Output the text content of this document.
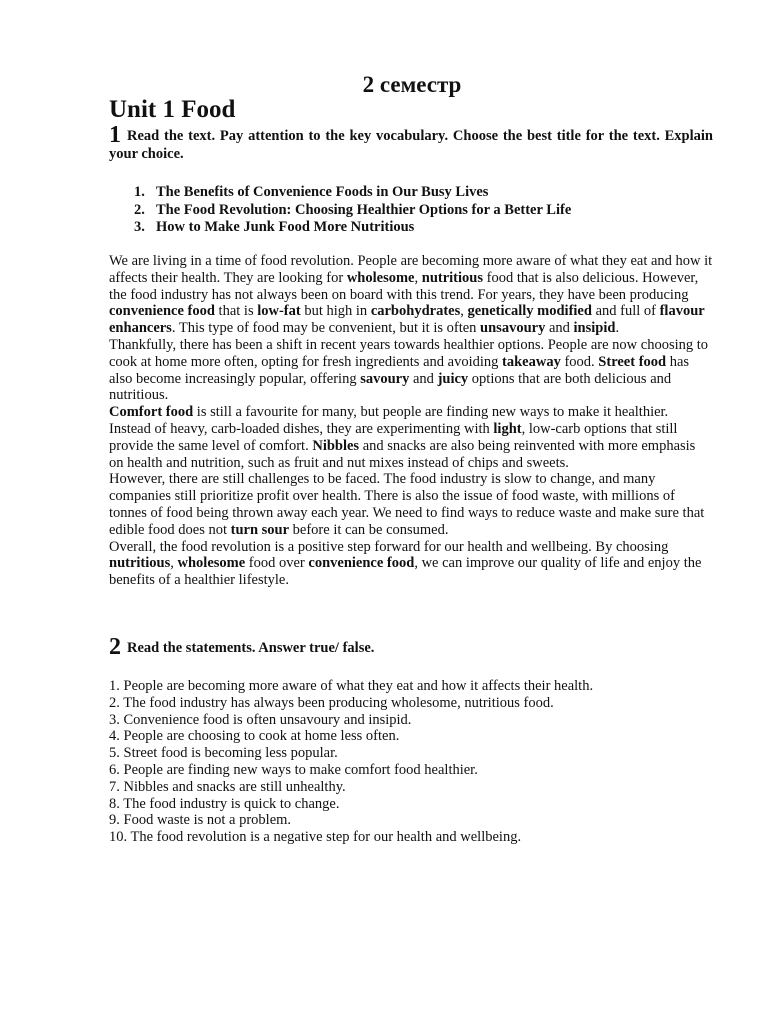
2 семестр
Unit 1 Food
1 Read the text. Pay attention to the key vocabulary. Choose the best title for the text. Explain your choice.
1. The Benefits of Convenience Foods in Our Busy Lives
2. The Food Revolution: Choosing Healthier Options for a Better Life
3. How to Make Junk Food More Nutritious

We are living in a time of food revolution. People are becoming more aware of what they eat and how it affects their health. They are looking for wholesome, nutritious food that is also delicious. However, the food industry has not always been on board with this trend. For years, they have been producing convenience food that is low-fat but high in carbohydrates, genetically modified and full of flavour enhancers. This type of food may be convenient, but it is often unsavoury and insipid.

Thankfully, there has been a shift in recent years towards healthier options. People are now choosing to cook at home more often, opting for fresh ingredients and avoiding takeaway food. Street food has also become increasingly popular, offering savoury and juicy options that are both delicious and nutritious.

Comfort food is still a favourite for many, but people are finding new ways to make it healthier. Instead of heavy, carb-loaded dishes, they are experimenting with light, low-carb options that still provide the same level of comfort. Nibbles and snacks are also being reinvented with more emphasis on health and nutrition, such as fruit and nut mixes instead of chips and sweets.

However, there are still challenges to be faced. The food industry is slow to change, and many companies still prioritize profit over health. There is also the issue of food waste, with millions of tonnes of food being thrown away each year. We need to find ways to reduce waste and make sure that edible food does not turn sour before it can be consumed.

Overall, the food revolution is a positive step forward for our health and wellbeing. By choosing nutritious, wholesome food over convenience food, we can improve our quality of life and enjoy the benefits of a healthier lifestyle.

2 Read the statements. Answer true/ false.
1. People are becoming more aware of what they eat and how it affects their health.
2. The food industry has always been producing wholesome, nutritious food.
3. Convenience food is often unsavoury and insipid.
4. People are choosing to cook at home less often.
5. Street food is becoming less popular.
6. People are finding new ways to make comfort food healthier.
7. Nibbles and snacks are still unhealthy.
8. The food industry is quick to change.
9. Food waste is not a problem.
10. The food revolution is a negative step for our health and wellbeing.
